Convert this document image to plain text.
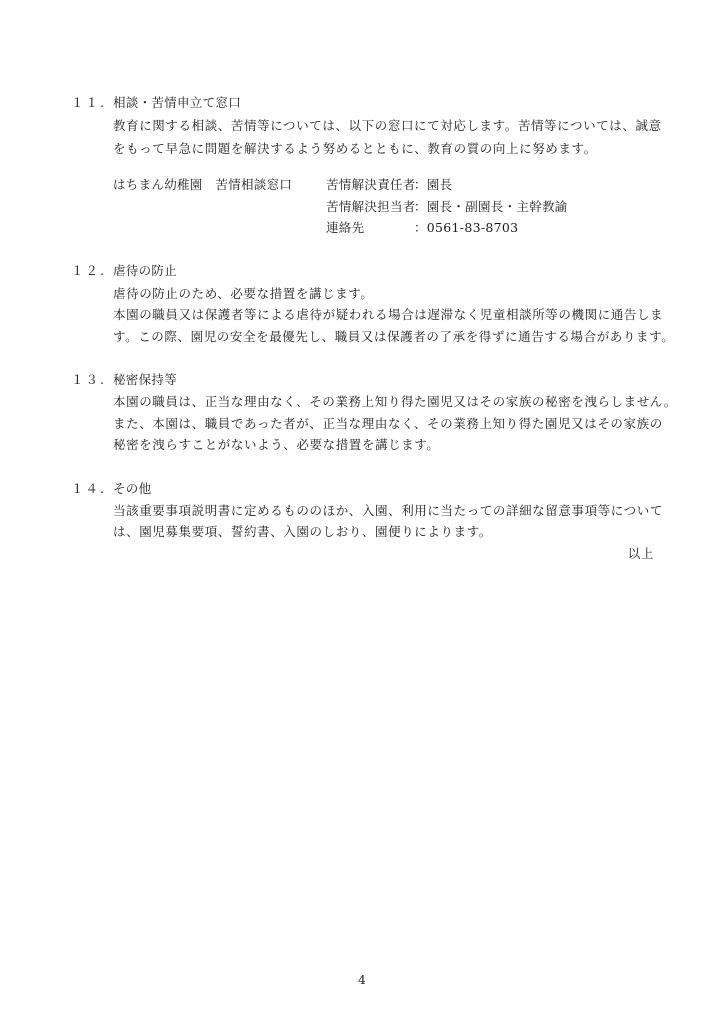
１１. 相談・苦情申立て窓口
教育に関する相談、苦情等については、以下の窓口にて対応します。苦情等については、誠意
をもって早急に問題を解決するよう努めるとともに、教育の質の向上に努めます。
はちまん幼稚園　苦情相談窓口	苦情解決責任者
：園長
苦情解決担当者
：園長・副園長・主幹教諭
連絡先	：0561-83-8703
１２. 虐待の防止
虐待の防止のため、必要な措置を講じます。
本園の職員又は保護者等による虐待が疑われる場合は遅滞なく児童相談所等の機関に通告しま
す。この際、園児の安全を最優先し、職員又は保護者の了承を得ずに通告する場合があります。
１３. 秘密保持等
本園の職員は、正当な理由なく、その業務上知り得た園児又はその家族の秘密を洩らしません。
また、本園は、職員であった者が、正当な理由なく、その業務上知り得た園児又はその家族の
秘密を洩らすことがないよう、必要な措置を講じます。
１４. その他
当該重要事項説明書に定めるもののほか、入園、利用に当たっての詳細な留意事項等について
は、園児募集要項、誓約書、入園のしおり、園便りによります。
以上
4
